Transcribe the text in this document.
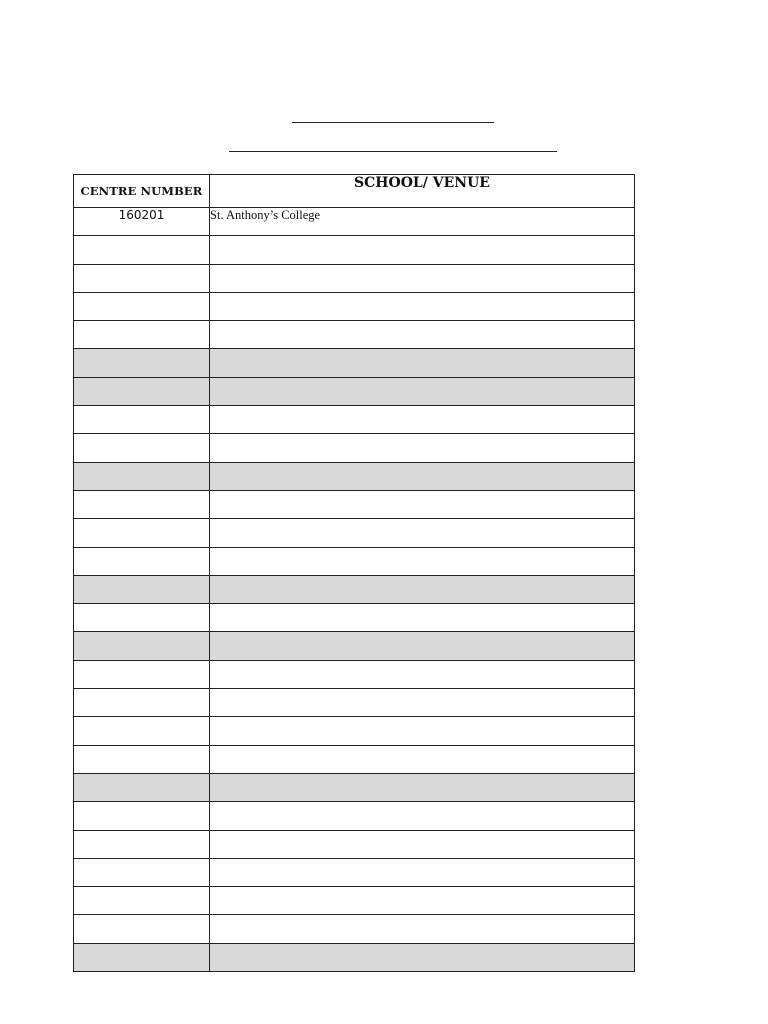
CENTRE NUMBER	SCHOOL/ VENUE
160201	St. Anthony’s College
